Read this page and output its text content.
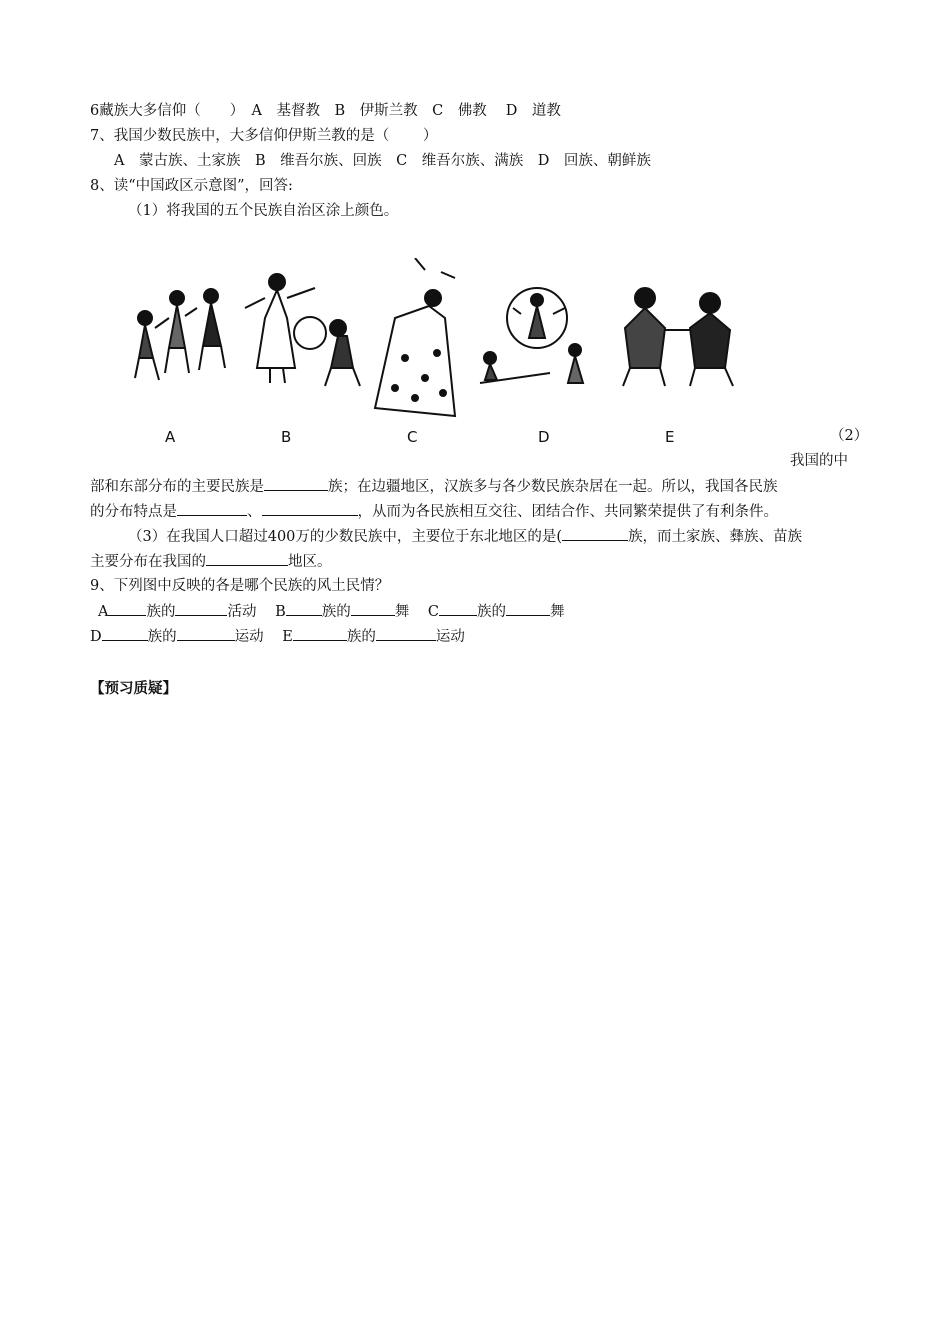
6藏族大多信仰（　　）　A　基督教　B　伊斯兰教　C　佛教　 D　道教
7、我国少数民族中，大多信仰伊斯兰教的是（　　 ）
A　蒙古族、土家族　B　维吾尔族、回族　C　维吾尔族、满族　D　回族、朝鲜族
8、读“中国政区示意图”，回答:
（1）将我国的五个民族自治区涂上颜色。
A	B	C	D	E	（2）
我国的中
部和东部分布的主要民族是	族；在边疆地区，汉族多与各少数民族杂居在一起。所以，我国各民族
的分布特点是	、	，从而为各民族相互交往、团结合作、共同繁荣提供了有利条件。
（3）在我国人口超过400万的少数民族中，主要位于东北地区的是(	族，而土家族、彝族、苗族
主要分布在我国的	地区。
9、下列图中反映的各是哪个民族的风土民情？
A	族的	活动 B 族的	舞 C	族的	舞
D	族的	运动 E	族的	运动
【预习质疑】
